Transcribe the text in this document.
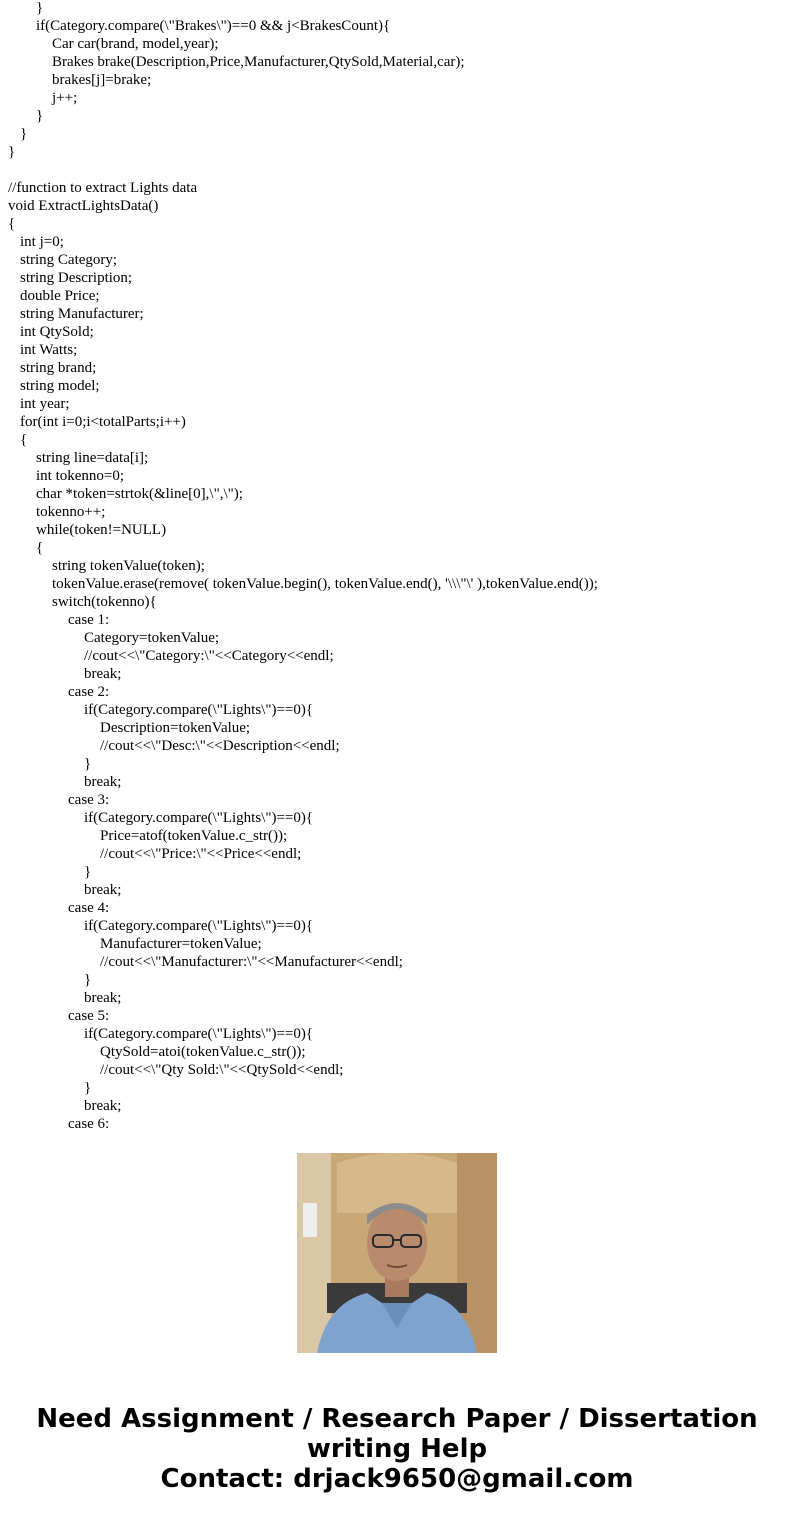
}
if(Category.compare(\"Brakes\")==0 && j<BrakesCount){
Car car(brand, model,year);
Brakes brake(Description,Price,Manufacturer,QtySold,Material,car);
brakes[j]=brake;
j++;
}
}
}
//function to extract Lights data
void ExtractLightsData()
{
int j=0;
string Category;
string Description;
double Price;
string Manufacturer;
int QtySold;
int Watts;
string brand;
string model;
int year;
for(int i=0;i<totalParts;i++)
{
string line=data[i];
int tokenno=0;
char *token=strtok(&line[0],\",\");
tokenno++;
while(token!=NULL)
{
string tokenValue(token);
tokenValue.erase(remove( tokenValue.begin(), tokenValue.end(), '\\\"\' ),tokenValue.end());
switch(tokenno){
case 1:
Category=tokenValue;
//cout<<\"Category:\"<<Category<<endl;
break;
case 2:
if(Category.compare(\"Lights\")==0){
Description=tokenValue;
//cout<<\"Desc:\"<<Description<<endl;
}
break;
case 3:
if(Category.compare(\"Lights\")==0){
Price=atof(tokenValue.c_str());
//cout<<\"Price:\"<<Price<<endl;
}
break;
case 4:
if(Category.compare(\"Lights\")==0){
Manufacturer=tokenValue;
//cout<<\"Manufacturer:\"<<Manufacturer<<endl;
}
break;
case 5:
if(Category.compare(\"Lights\")==0){
QtySold=atoi(tokenValue.c_str());
//cout<<\"Qty Sold:\"<<QtySold<<endl;
}
break;
case 6:

Need Assignment / Research Paper / Dissertation

writing Help

Contact: drjack9650@gmail.com
